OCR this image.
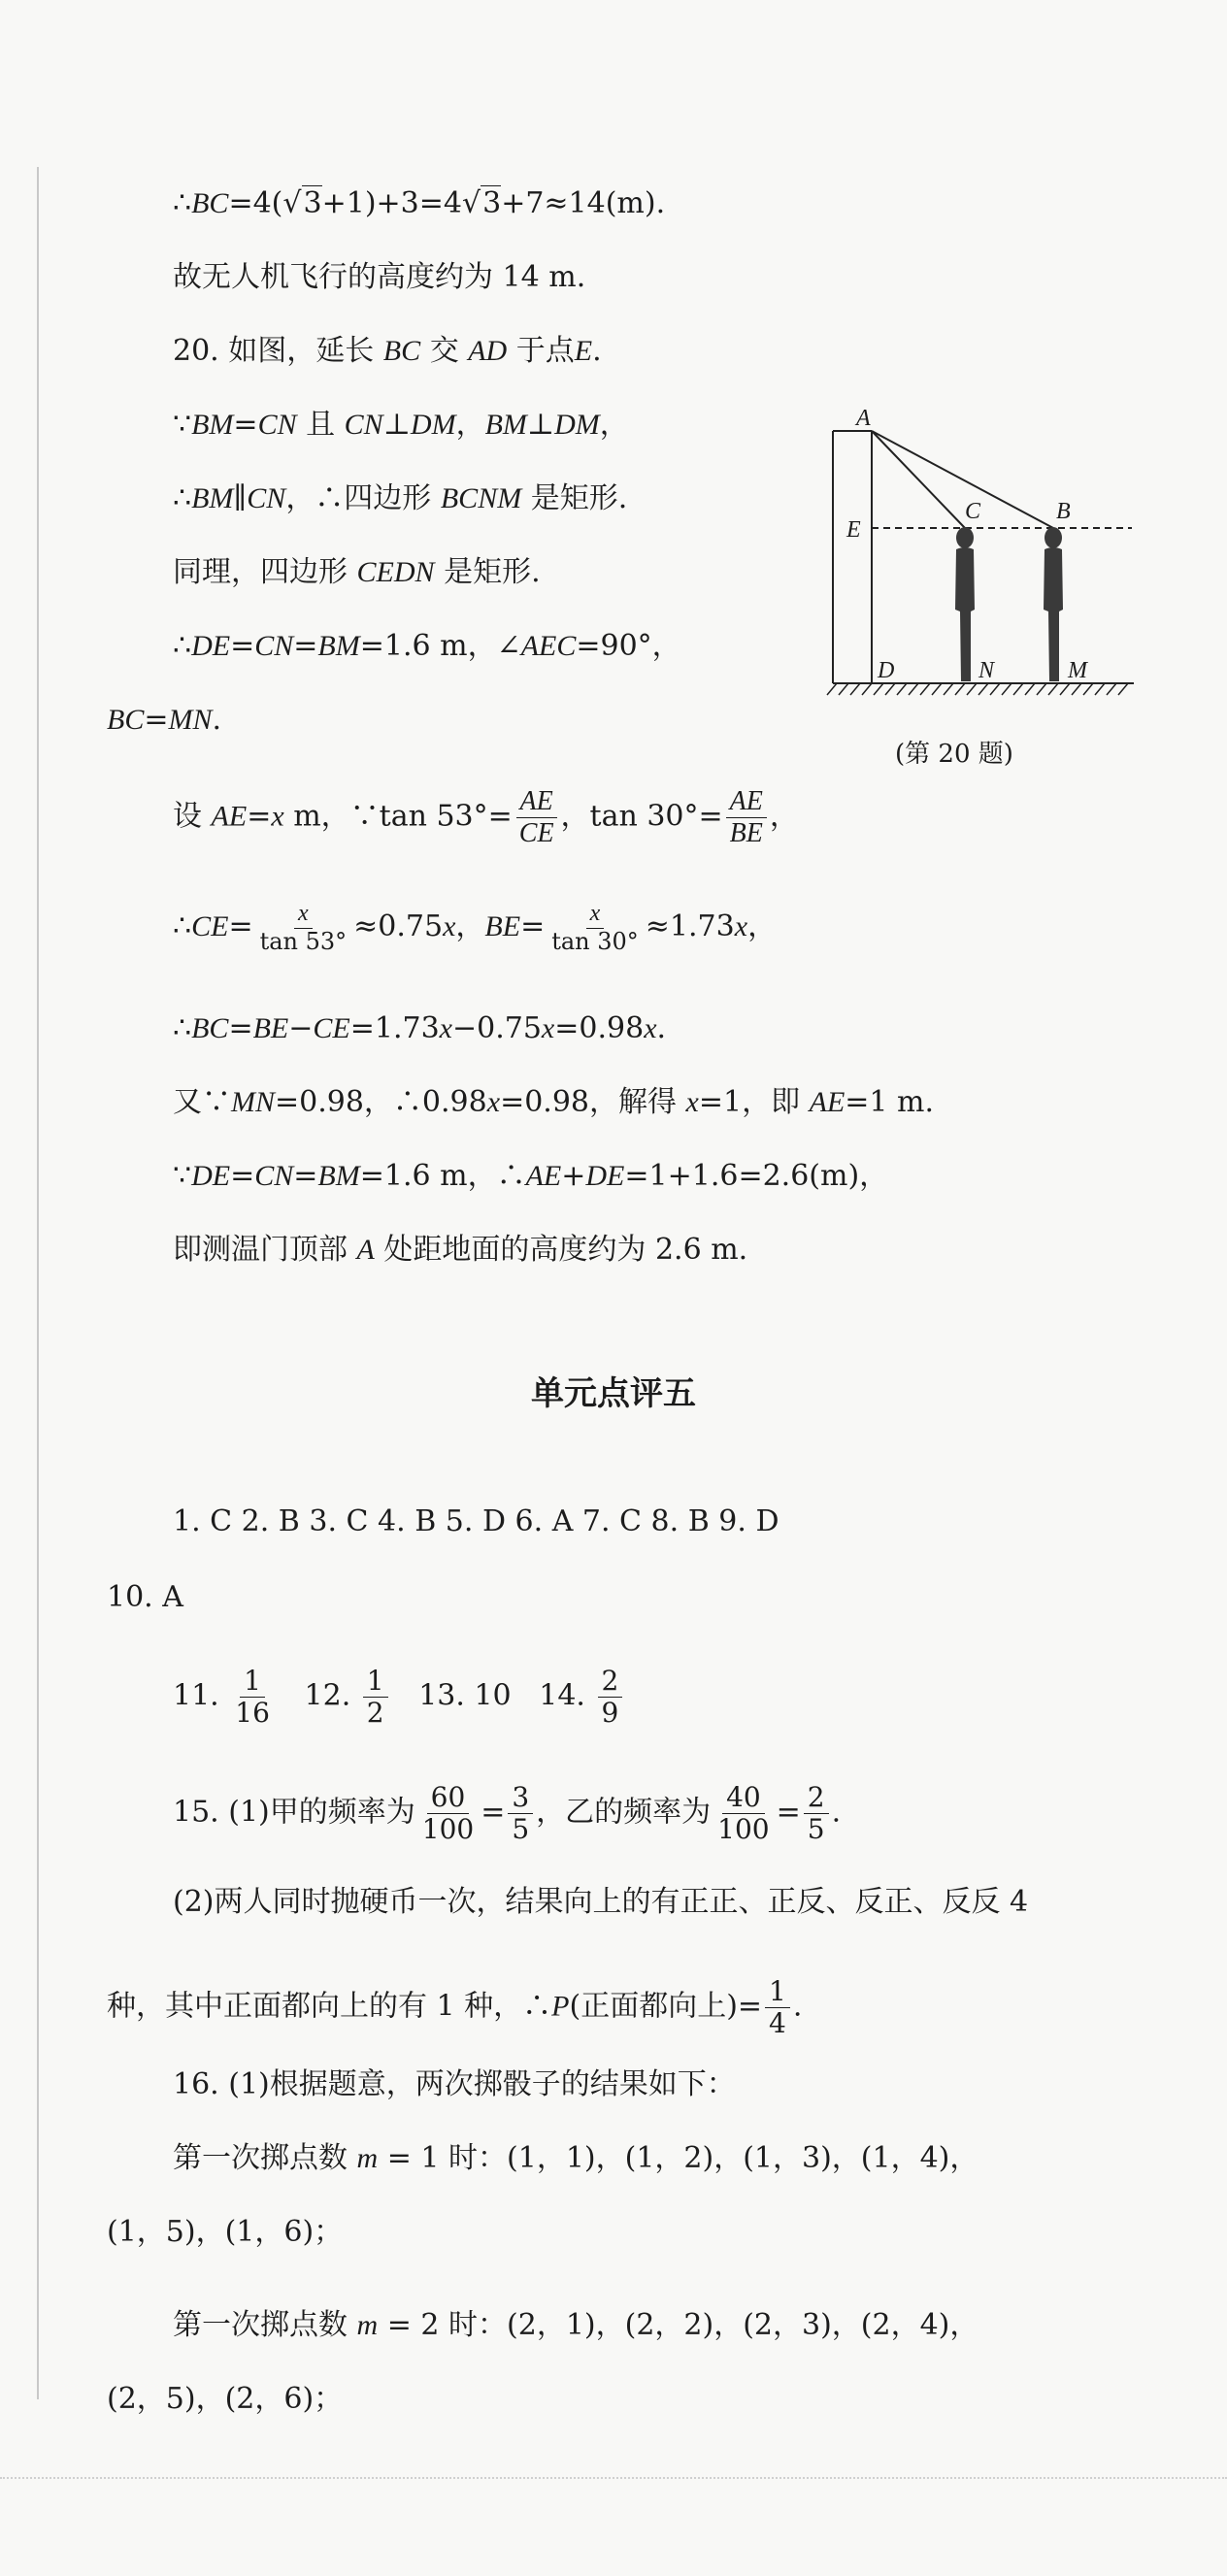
∴BC=4(√3+1)+3=4√3+7≈14(m).
故无人机飞行的高度约为 14 m.
20. 如图，延长 BC 交 AD 于点E.
∵BM=CN 且 CN⊥DM，BM⊥DM，
∴BM∥CN，∴四边形 BCNM 是矩形.
同理，四边形 CEDN 是矩形.
∴DE=CN=BM=1.6 m，∠AEC=90°，
BC=MN.
设 AE=x m，∵tan $53^\circ= \frac{AE}{CE}$ ，$\tan 30^\circ= \frac{AE}{BE}$ ，
∴CE= $\frac{x}{\tan 53^\circ} \approx 0.75x$，$BE= \frac{x}{\tan 30^\circ} \approx 1.73x$，
∴BC=BE−CE=1.73x−0.75x=0.98x.
又∵MN=0.98，∴0.98x=0.98，解得 x=1，即 AE=1 m.
∵DE=CN=BM=1.6 m，∴AE+DE=1+1.6=2.6(m)，
即测温门顶部 A 处距地面的高度约为 2.6 m.
A
B
C
D
E
N	M
(第 20 题)
单元点评五
1. C 2. B 3. C 4. B 5. D 6. A 7. C 8. B 9. D
10. A
11. $\frac{1}{16} 12$. $\frac{1}{2} 13$. 10 14. $\frac{2}{9}$
15. (1)甲的频率为 $\frac{60}{100} = \frac{3}{5}$ ，乙的频率为 $\frac{40}{100} = \frac{2}{5}$ .
(2)两人同时抛硬币一次，结果向上的有正正、正反、反正、反反 4
种，其中正面都向上的有 1 种，∴P(正面都向上)= $\frac{1}{4}$ .
16. (1)根据题意，两次掷骰子的结果如下：
第一次掷点数 m = 1 时：(1，1)，(1，2)，(1，3)，(1，4)，
(1，5)，(1，6)；
第一次掷点数 m = 2 时：(2，1)，(2，2)，(2，3)，(2，4)，
(2，5)，(2，6)；
